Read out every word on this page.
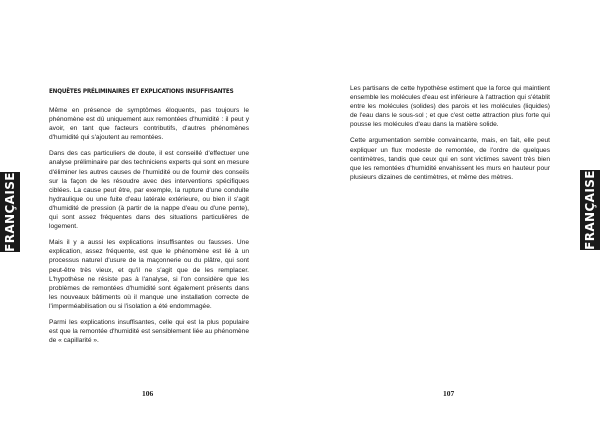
FRANÇAISE
ENQUÊTES PRÉLIMINAIRES ET EXPLICATIONS INSUFFISANTES

Même en présence de symptômes éloquents, pas toujours le phénomène est dû uniquement aux remontées d'humidité : il peut y avoir, en tant que facteurs contributifs, d'autres phénomènes d'humidité qui s'ajoutent au remontées.

Dans des cas particuliers de doute, il est conseillé d'effectuer une analyse préliminaire par des techniciens experts qui sont en mesure d'éliminer les autres causes de l'humidité ou de fournir des conseils sur la façon de les résoudre avec des interventions spécifiques ciblées. La cause peut être, par exemple, la rupture d'une conduite hydraulique ou une fuite d'eau latérale extérieure, ou bien il s'agit d'humidité de pression (à partir de la nappe d'eau ou d'une pente), qui sont assez fréquentes dans des situations particulières de logement.

Mais il y a aussi les explications insuffisantes ou fausses. Une explication, assez fréquente, est que le phénomène est lié à un processus naturel d'usure de la maçonnerie ou du plâtre, qui sont peut-être très vieux, et qu'il ne s'agit que de les remplacer. L'hypothèse ne résiste pas à l'analyse, si l'on considère que les problèmes de remontées d'humidité sont également présents dans les nouveaux bâtiments où il manque une installation correcte de l'imperméabilisation ou si l'isolation a été endommagée.

Parmi les explications insuffisantes, celle qui est la plus populaire est que la remontée d'humidité est sensiblement liée au phénomène de « capillarité ».

106

Les partisans de cette hypothèse estiment que la force qui maintient ensemble les molécules d'eau est inférieure à l'attraction qui s'établit entre les molécules (solides) des parois et les molécules (liquides) de l'eau dans le sous-sol ; et que c'est cette attraction plus forte qui pousse les molécules d'eau dans la matière solide.

Cette argumentation semble convaincante, mais, en fait, elle peut expliquer un flux modeste de remontée, de l'ordre de quelques centimètres, tandis que ceux qui en sont victimes savent très bien que les remontées d'humidité envahissent les murs en hauteur pour plusieurs dizaines de centimètres, et même des mètres.	FRANÇAISE
107
